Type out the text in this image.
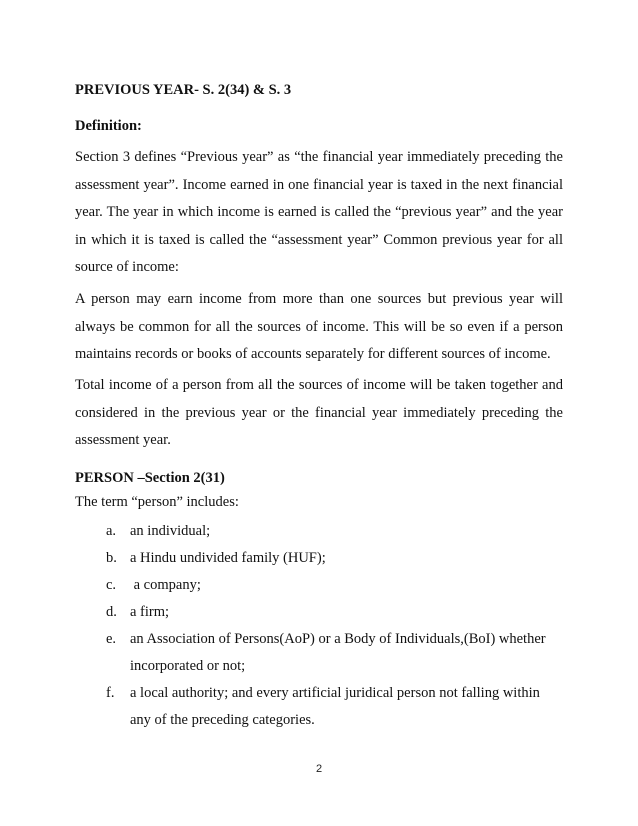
PREVIOUS YEAR- S. 2(34) & S. 3
Definition:

Section 3 defines “Previous year” as “the financial year immediately preceding the assessment year”. Income earned in one financial year is taxed in the next financial year. The year in which income is earned is called the “previous year” and the year in which it is taxed is called the “assessment year” Common previous year for all source of income:

A person may earn income from more than one sources but previous year will always be common for all the sources of income. This will be so even if a person maintains records or books of accounts separately for different sources of income.

Total income of a person from all the sources of income will be taken together and considered in the previous year or the financial year immediately preceding the assessment year.

PERSON –Section 2(31)
The term “person” includes:
a. an individual;
b. a Hindu undivided family (HUF);
c. a company;
d. a firm;
e. an Association of Persons(AoP) or a Body of Individuals,(BoI) whether incorporated or not;
f.	a local authority; and every artificial juridical person not falling within any of the preceding categories.
2
